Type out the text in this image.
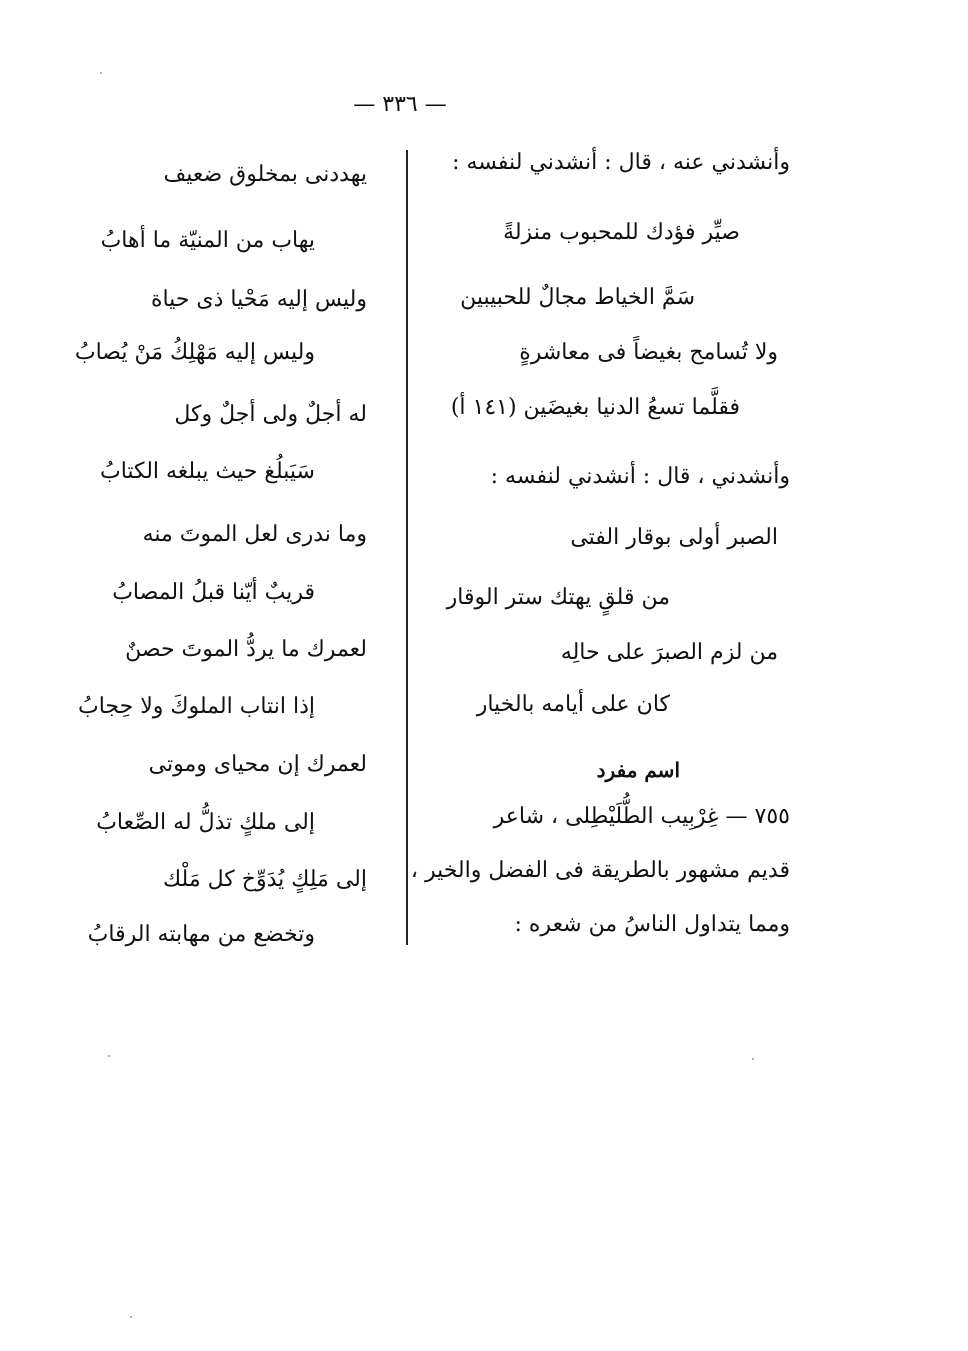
— ٣٣٦ —
وأنشدني عنه ، قال : أنشدني لنفسه :
صيِّر فؤدك للمحبوب منزلةً
سَمَّ الخياط مجالٌ للحبيبين
ولا تُسامح بغيضاً فى معاشرةٍ
فقلَّما تسعُ الدنيا بغيضَين (١٤١ أ)
وأنشدني ، قال : أنشدني لنفسه :
الصبر أولى بوقار الفتى
من قلقٍ يهتك ستر الوقار
من لزم الصبرَ على حالِه
كان على أيامه بالخيار
اسم مفرد
٧٥٥ — غِرْبِيب الطُّلَيْطِلى ، شاعر
قديم مشهور بالطريقة فى الفضل والخير ،
ومما يتداول الناسُ من شعره :
يهددنى بمخلوق ضعيف
يهاب من المنيّة ما أهابُ
وليس إليه مَحْيا ذى حياة
وليس إليه مَهْلِكُ مَنْ يُصابُ
له أجلٌ ولى أجلٌ وكل
سَيَبلُغ حيث يبلغه الكتابُ
وما ندرى لعل الموتَ منه
قريبٌ أيّنا قبلُ المصابُ
لعمرك ما يردُّ الموتَ حصنٌ
إذا انتاب الملوكَ ولا حِجابُ
لعمرك إن محياى وموتى
إلى ملكٍ تذلُّ له الصِّعابُ
إلى مَلِكٍ يُدَوِّخ كل مَلْك
وتخضع من مهابته الرقابُ
